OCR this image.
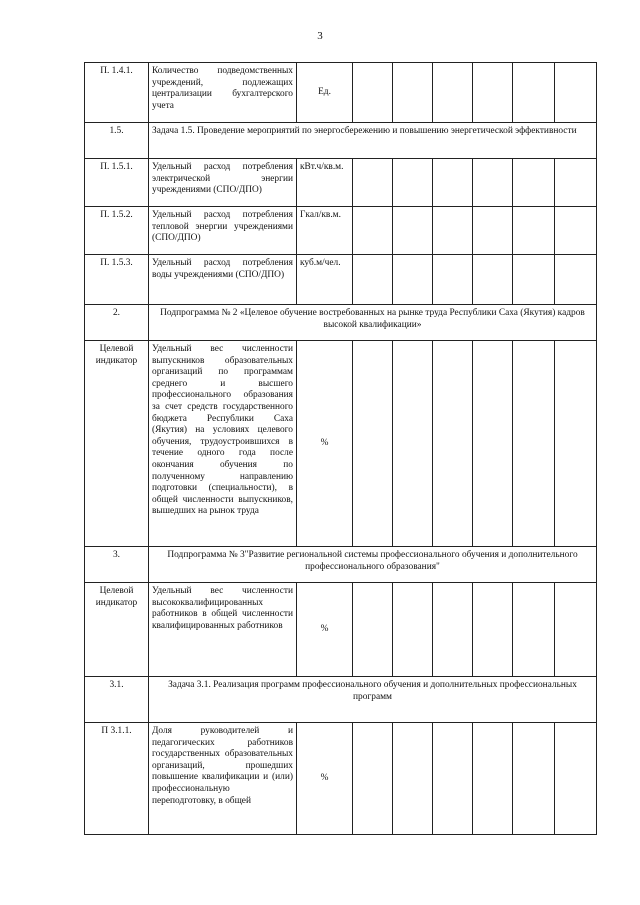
3
П. 1.4.1.	Количество подведомственных учреждений, подлежащих централизации бухгалтерского учета	Ед.						
1.5.	Задача 1.5. Проведение мероприятий по энергосбережению и повышению энергетической эффективности							
П. 1.5.1.	Удельный расход потребления электрической энергии учреждениями (СПО/ДПО)	кВт.ч/кв.м.						
П. 1.5.2.	Удельный расход потребления тепловой энергии учреждениями (СПО/ДПО)	Гкал/кв.м.						
П. 1.5.3.	Удельный расход потребления воды учреждениями (СПО/ДПО)	куб.м/чел.						
2.	Подпрограмма № 2 «Целевое обучение востребованных на рынке труда Республики Саха (Якутия) кадров высокой квалификации»							
Целевой индикатор	Удельный вес численности выпускников образовательных организаций по программам среднего и высшего профессионального образования за счет средств государственного бюджета Республики Саха (Якутия) на условиях целевого обучения, трудоустроившихся в течение одного года после окончания обучения по полученному направлению подготовки (специальности), в общей численности выпускников, вышедших на рынок труда	%						
3.	Подпрограмма № 3"Развитие региональной системы профессионального обучения и дополнительного профессионального образования"							
Целевой индикатор	Удельный вес численности высококвалифицированных работников в общей численности квалифицированных работников	%						
3.1.	Задача 3.1. Реализация программ профессионального обучения и дополнительных профессиональных программ							
П 3.1.1.	Доля руководителей и педагогических работников государственных образовательных организаций, прошедших повышение квалификации и (или) профессиональную переподготовку, в общей	%						
